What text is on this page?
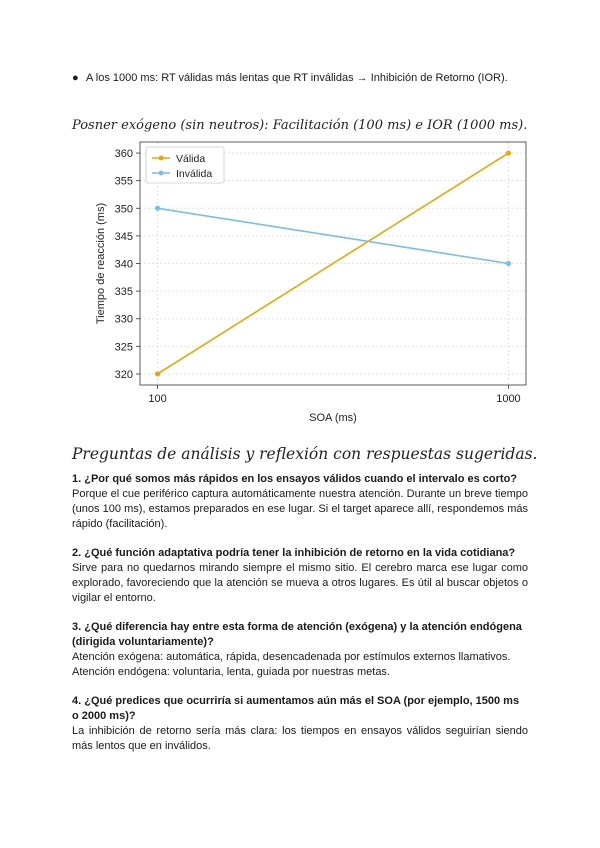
● A los 1000 ms: RT válidas más lentas que RT inválidas → Inhibición de Retorno (IOR).
Posner exógeno (sin neutros): Facilitación (100 ms) e IOR (1000 ms).
320
325
330
335
340
345
350
355
360
100	1000
SOA (ms)
Tiempo de reacción (ms)
Válida
Inválida
Preguntas de análisis y reflexión con respuestas sugeridas.
1. ¿Por qué somos más rápidos en los ensayos válidos cuando el intervalo es corto?
Porque el cue periférico captura automáticamente nuestra atención. Durante un breve tiempo (unos 100 ms), estamos preparados en ese lugar. Si el target aparece allí, respondemos más rápido (facilitación).
2. ¿Qué función adaptativa podría tener la inhibición de retorno en la vida cotidiana?
Sirve para no quedarnos mirando siempre el mismo sitio. El cerebro marca ese lugar como explorado, favoreciendo que la atención se mueva a otros lugares. Es útil al buscar objetos o vigilar el entorno.
3. ¿Qué diferencia hay entre esta forma de atención (exógena) y la atención endógena (dirigida voluntariamente)?
Atención exógena: automática, rápida, desencadenada por estímulos externos llamativos.
Atención endógena: voluntaria, lenta, guiada por nuestras metas.
4. ¿Qué predices que ocurriría si aumentamos aún más el SOA (por ejemplo, 1500 ms o 2000 ms)?
La inhibición de retorno sería más clara: los tiempos en ensayos válidos seguirían siendo más lentos que en inválidos.
